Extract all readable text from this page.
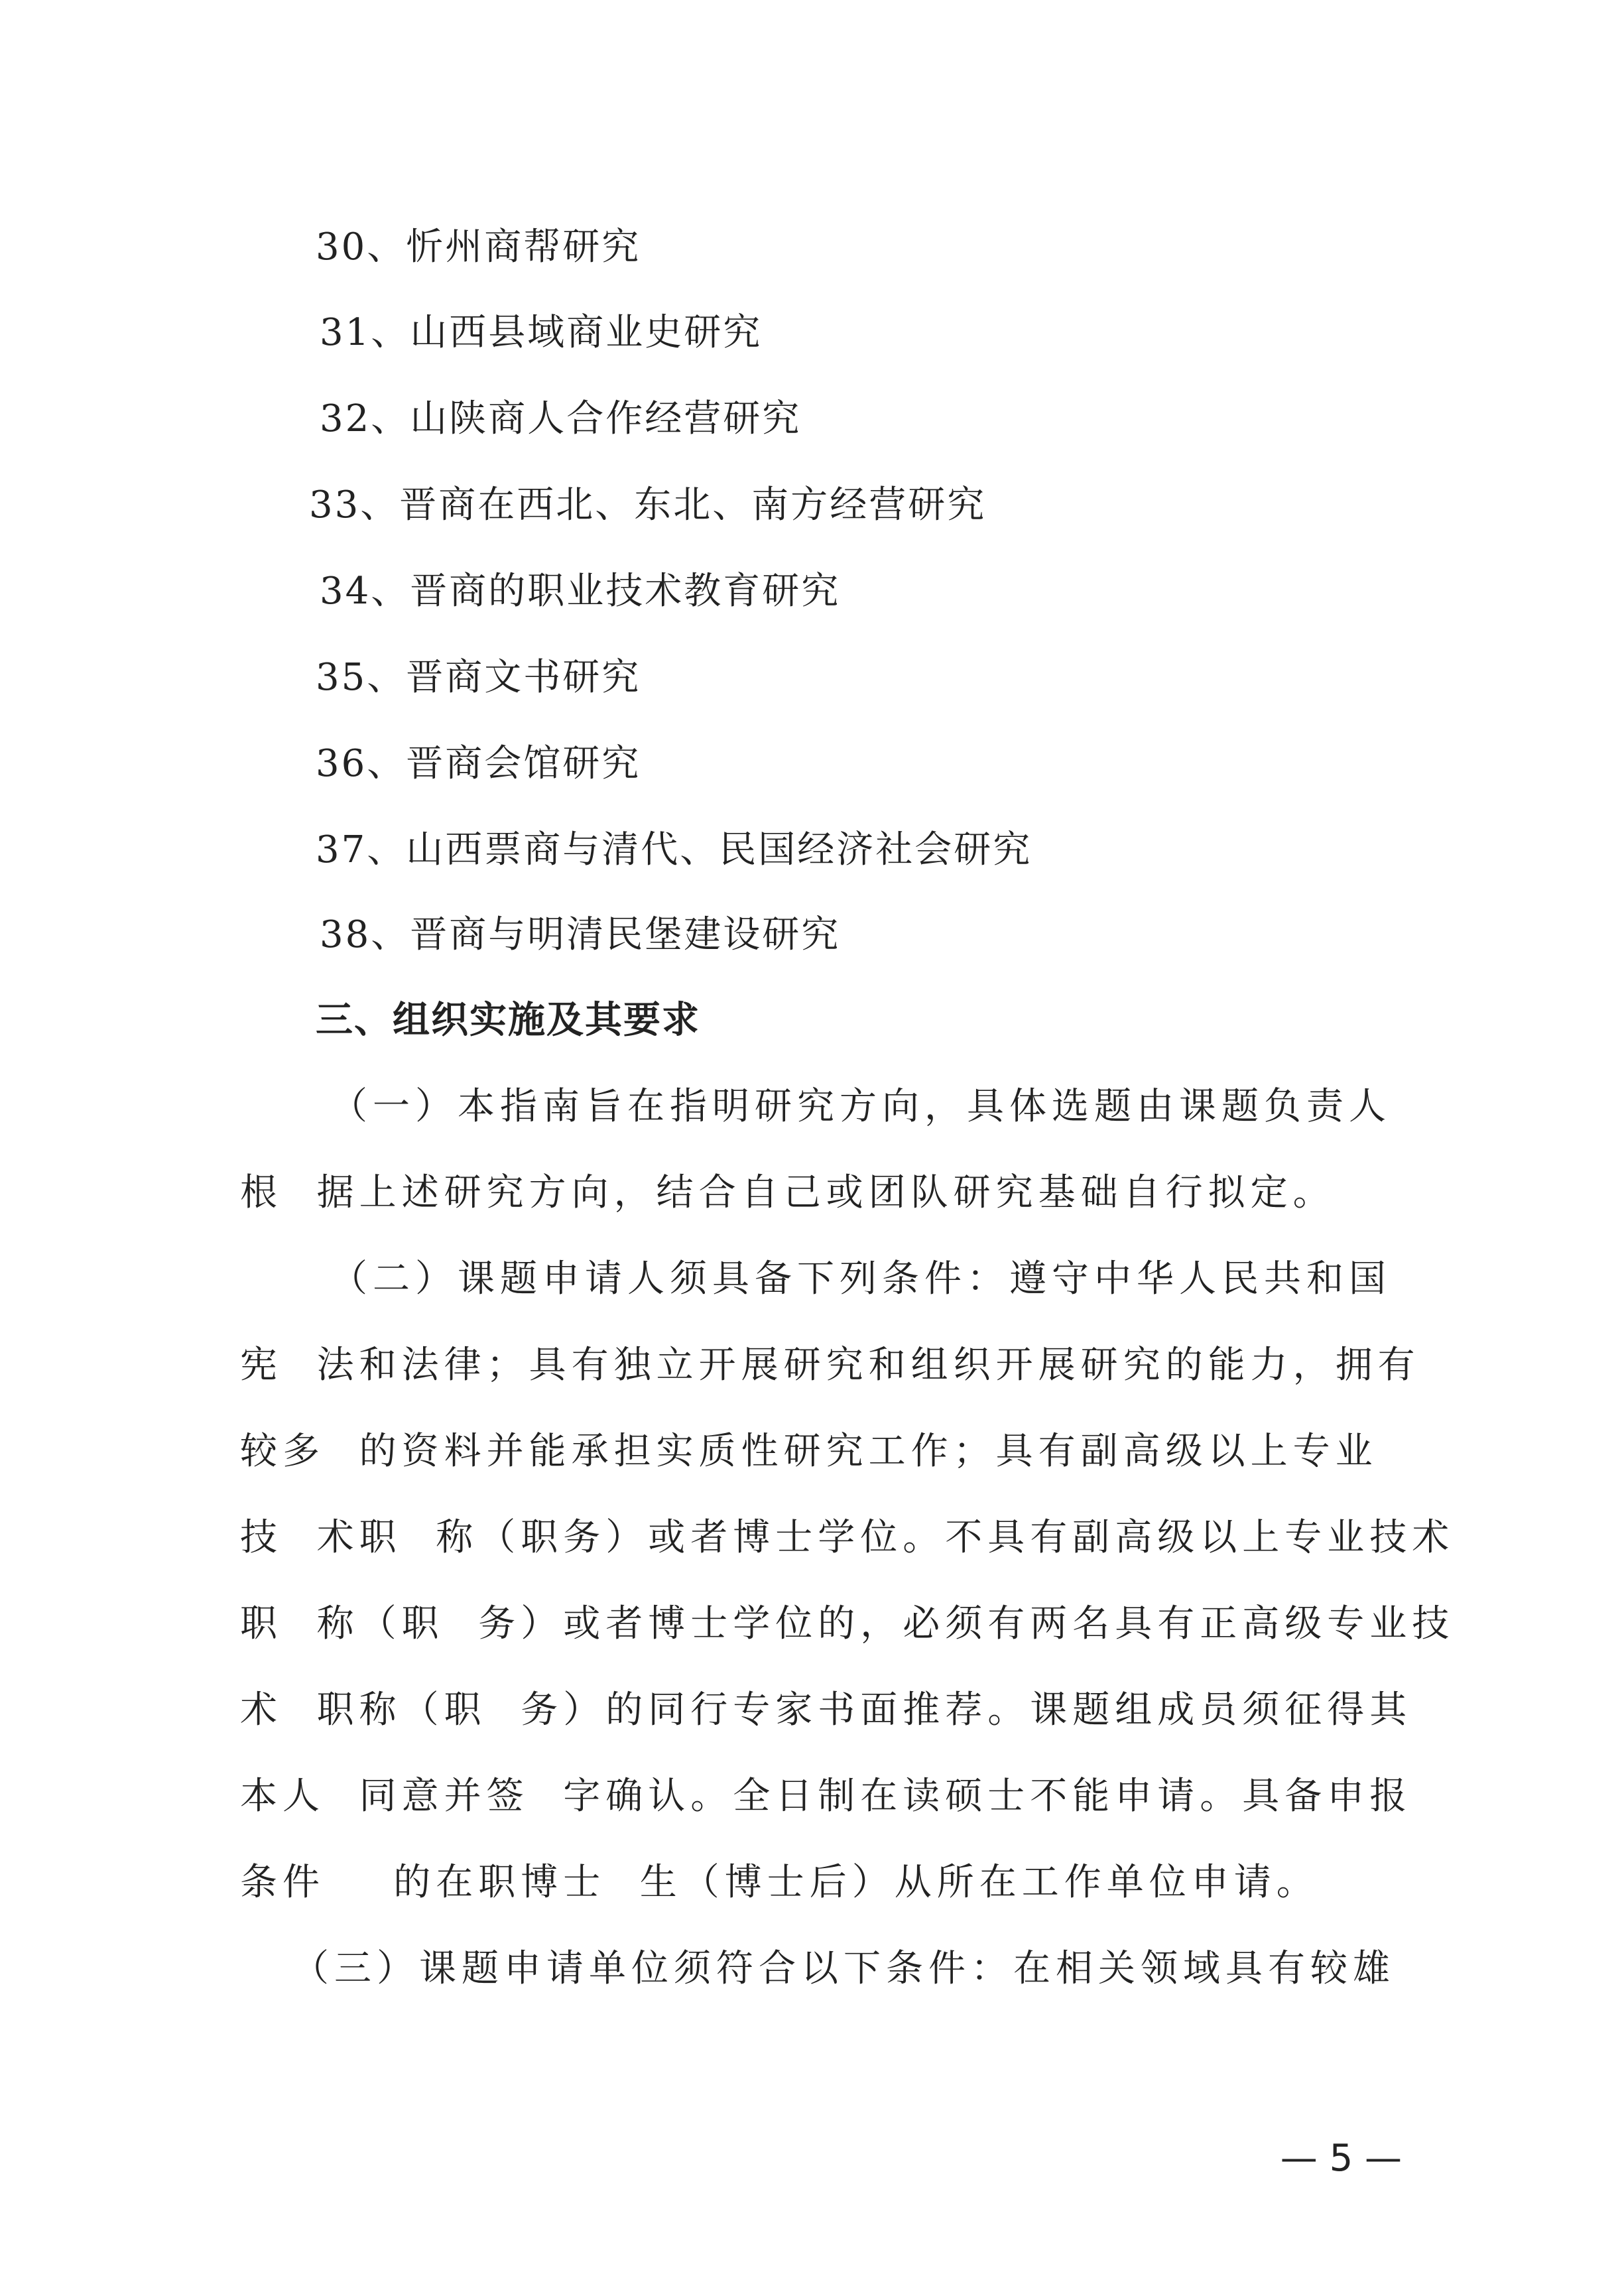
30、忻州商帮研究
31、山西县域商业史研究
32、山陕商人合作经营研究
33、晋商在西北、东北、南方经营研究
34、晋商的职业技术教育研究
35、晋商文书研究
36、晋商会馆研究
37、山西票商与清代、民国经济社会研究
38、晋商与明清民堡建设研究
三、组织实施及其要求
（一）本指南旨在指明研究方向，具体选题由课题负责人
根  据上述研究方向，结合自己或团队研究基础自行拟定。
（二）课题申请人须具备下列条件：遵守中华人民共和国
宪  法和法律；具有独立开展研究和组织开展研究的能力，拥有
较多  的资料并能承担实质性研究工作；具有副高级以上专业
技  术职  称（职务）或者博士学位。不具有副高级以上专业技术
职  称（职  务）或者博士学位的，必须有两名具有正高级专业技
术  职称（职  务）的同行专家书面推荐。课题组成员须征得其
本人  同意并签  字确认。全日制在读硕士不能申请。具备申报
条件    的在职博士  生（博士后）从所在工作单位申请。
（三）课题申请单位须符合以下条件：在相关领域具有较雄
— 5 —
